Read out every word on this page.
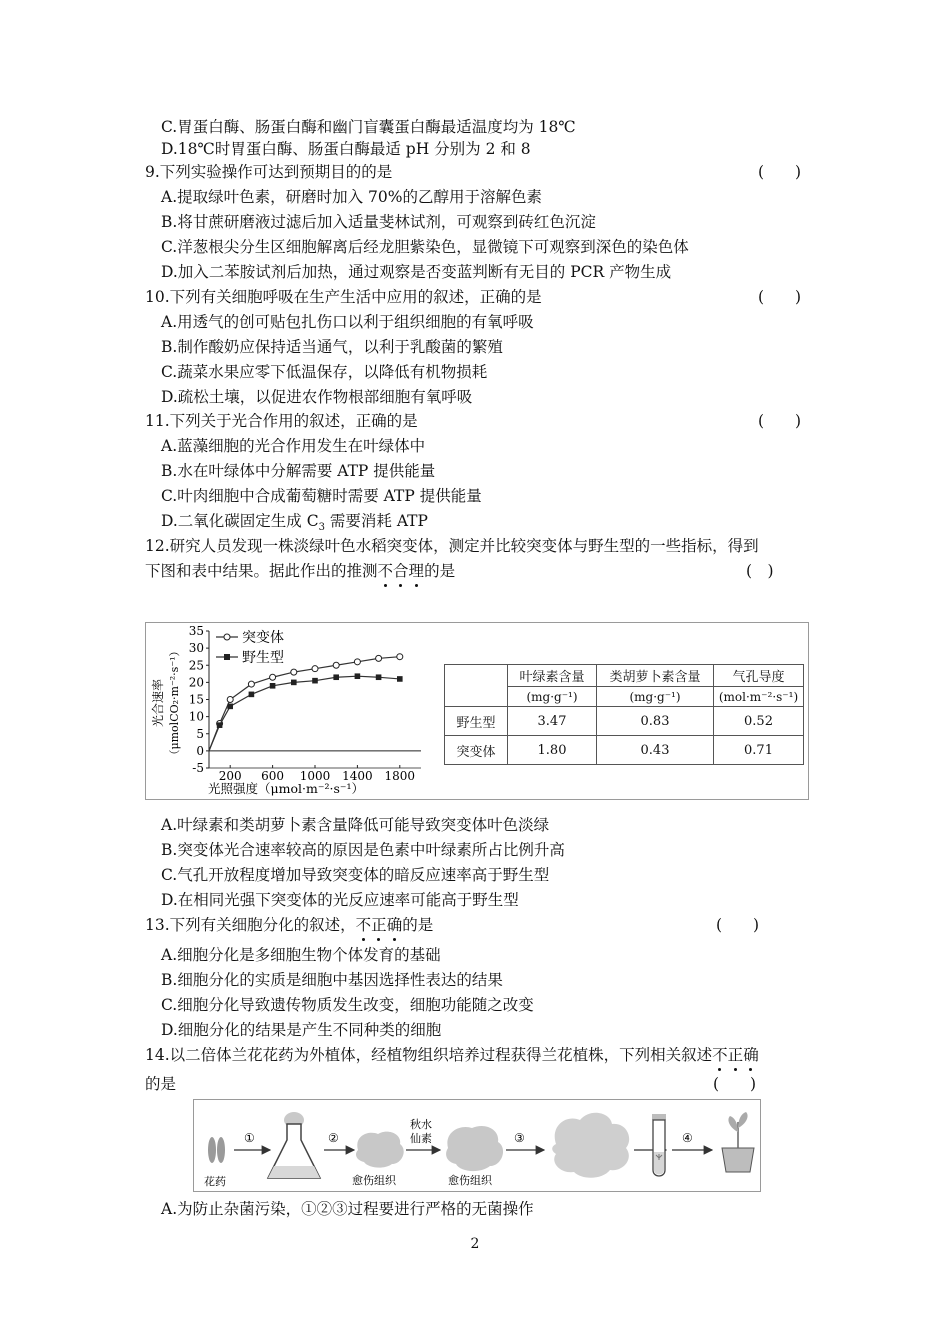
C.胃蛋白酶、肠蛋白酶和幽门盲囊蛋白酶最适温度均为 18℃
D.18℃时胃蛋白酶、肠蛋白酶最适 pH 分别为 2 和 8
9.下列实验操作可达到预期目的的是	(　　)
A.提取绿叶色素，研磨时加入 70%的乙醇用于溶解色素
B.将甘蔗研磨液过滤后加入适量斐林试剂，可观察到砖红色沉淀
C.洋葱根尖分生区细胞解离后经龙胆紫染色，显微镜下可观察到深色的染色体
D.加入二苯胺试剂后加热，通过观察是否变蓝判断有无目的 PCR 产物生成
10.下列有关细胞呼吸在生产生活中应用的叙述，正确的是	(　　)
A.用透气的创可贴包扎伤口以利于组织细胞的有氧呼吸
B.制作酸奶应保持适当通气，以利于乳酸菌的繁殖
C.蔬菜水果应零下低温保存，以降低有机物损耗
D.疏松土壤，以促进农作物根部细胞有氧呼吸
11.下列关于光合作用的叙述，正确的是	(　　)
A.蓝藻细胞的光合作用发生在叶绿体中
B.水在叶绿体中分解需要 ATP 提供能量
C.叶肉细胞中合成葡萄糖时需要 ATP 提供能量
D.二氧化碳固定生成 $C_3$ 需要消耗 ATP
12.研究人员发现一株淡绿叶色水稻突变体，测定并比较突变体与野生型的一些指标，得到
下图和表中结果。据此作出的推测不合理的是	(　)
-5
0
5
10
15
20
25
30
35
200 600 1000 1400 1800
突变体
野生型
光合速率 （μmolCO₂·m⁻²·s⁻¹）
光照强度（μmol·m⁻²·s⁻¹）
	叶绿素含量	类胡萝卜素含量	气孔导度
	(mg·g⁻¹)	(mg·g⁻¹)	(mol·m⁻²·s⁻¹)
野生型	3.47	0.83	0.52
突变体	1.80	0.43	0.71
A.叶绿素和类胡萝卜素含量降低可能导致突变体叶色淡绿
B.突变体光合速率较高的原因是色素中叶绿素所占比例升高
C.气孔开放程度增加导致突变体的暗反应速率高于野生型
D.在相同光强下突变体的光反应速率可能高于野生型
13.下列有关细胞分化的叙述，不正确的是	(　　)
A.细胞分化是多细胞生物个体发育的基础
B.细胞分化的实质是细胞中基因选择性表达的结果
C.细胞分化导致遗传物质发生改变，细胞功能随之改变
D.细胞分化的结果是产生不同种类的细胞
14.以二倍体兰花花药为外植体，经植物组织培养过程获得兰花植株，下列相关叙述不正确
的是	(　　)
花药
①	②
愈伤组织
秋水
仙素
愈伤组织
③	④
A.为防止杂菌污染，①②③过程要进行严格的无菌操作
2
